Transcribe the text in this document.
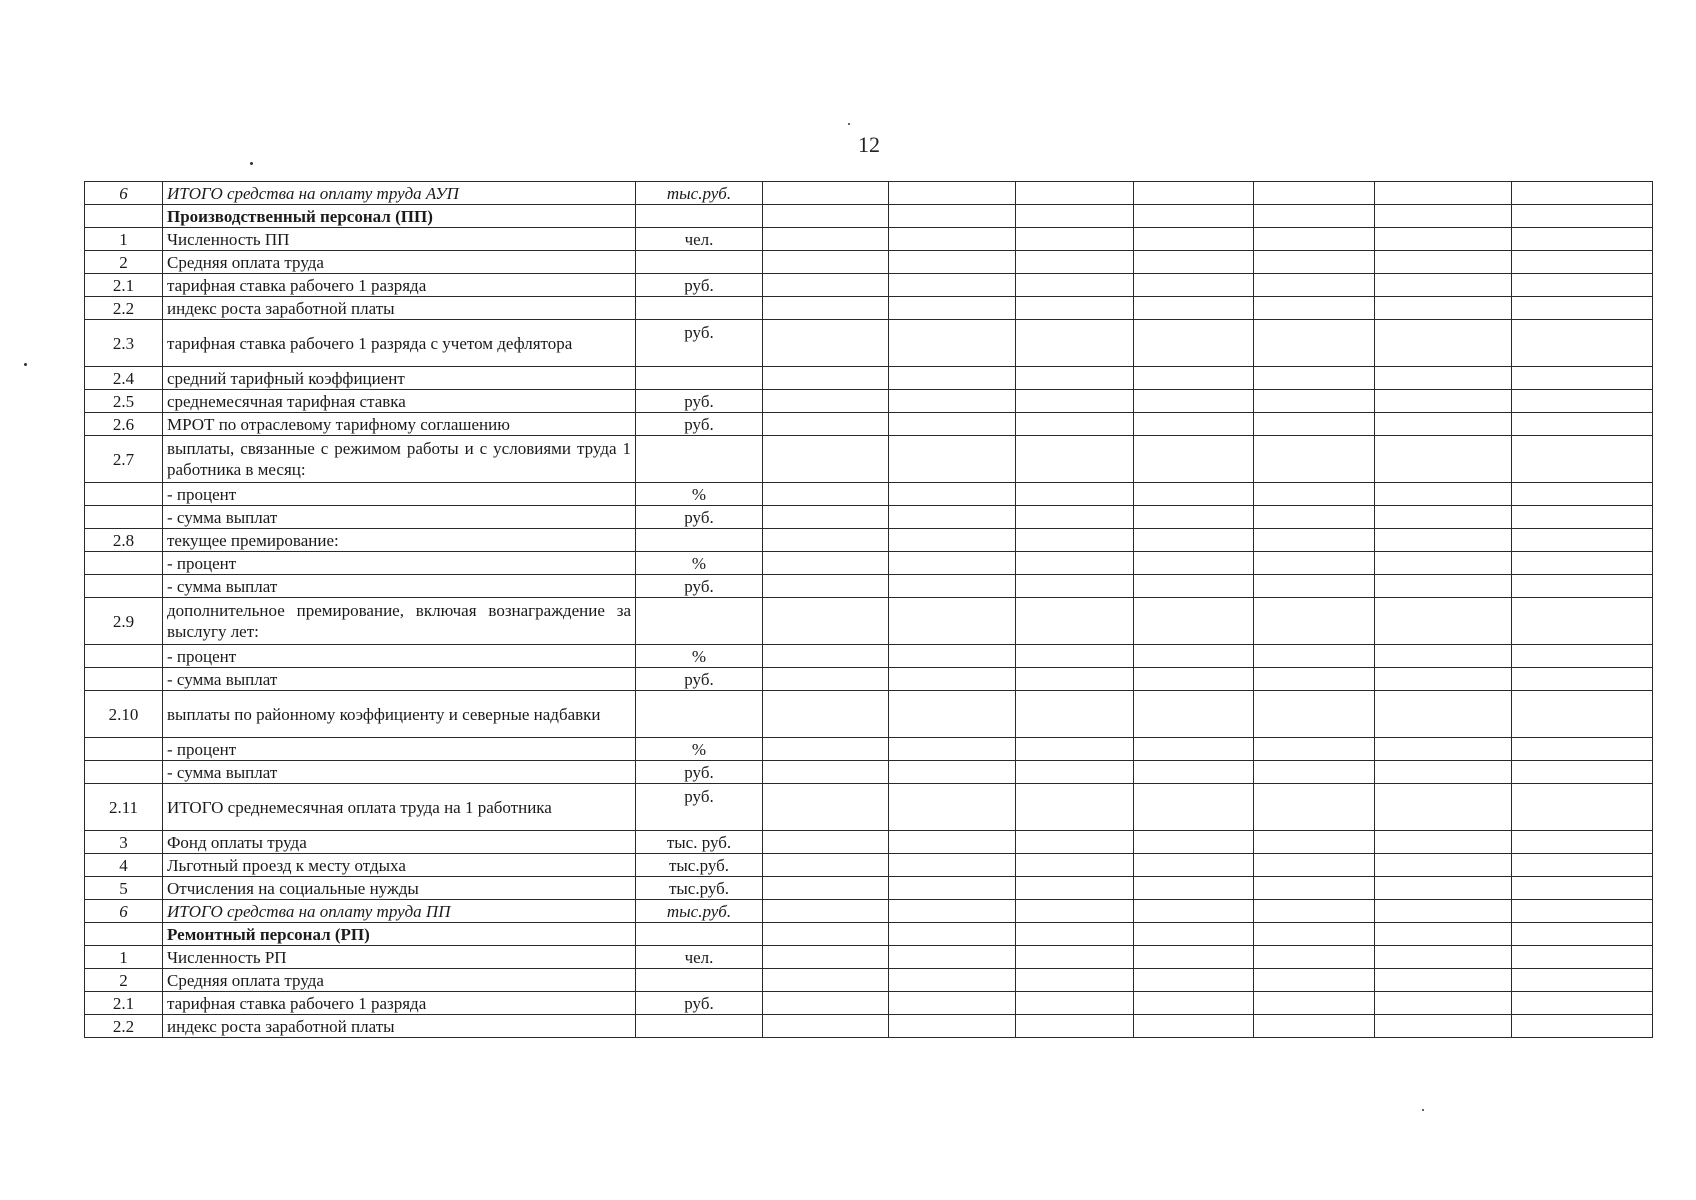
12
6	ИТОГО средства на оплату труда АУП	тыс.руб.							
	Производственный персонал (ПП)								
1	Численность ПП	чел.							
2	Средняя оплата труда								
2.1	тарифная ставка рабочего 1 разряда	руб.							
2.2	индекс роста заработной платы								
2.3	тарифная ставка рабочего 1 разряда с учетом дефлятора	руб.							
2.4	средний тарифный коэффициент								
2.5	среднемесячная тарифная ставка	руб.							
2.6	МРОТ по отраслевому тарифному соглашению	руб.							
2.7	выплаты, связанные с режимом работы и с условиями труда 1 работника в месяц:								
	- процент	%							
	- сумма выплат	руб.							
2.8	текущее премирование:								
	- процент	%							
	- сумма выплат	руб.							
2.9	дополнительное премирование, включая вознаграждение за выслугу лет:								
	- процент	%							
	- сумма выплат	руб.							
2.10	выплаты по районному коэффициенту и северные надбавки								
	- процент	%							
	- сумма выплат	руб.							
2.11	ИТОГО среднемесячная оплата труда на 1 работника	руб.							
3	Фонд оплаты труда	тыс. руб.							
4	Льготный проезд к месту отдыха	тыс.руб.							
5	Отчисления на социальные нужды	тыс.руб.							
6	ИТОГО средства на оплату труда ПП	тыс.руб.							
	Ремонтный персонал (РП)								
1	Численность РП	чел.							
2	Средняя оплата труда								
2.1	тарифная ставка рабочего 1 разряда	руб.							
2.2	индекс роста заработной платы								
